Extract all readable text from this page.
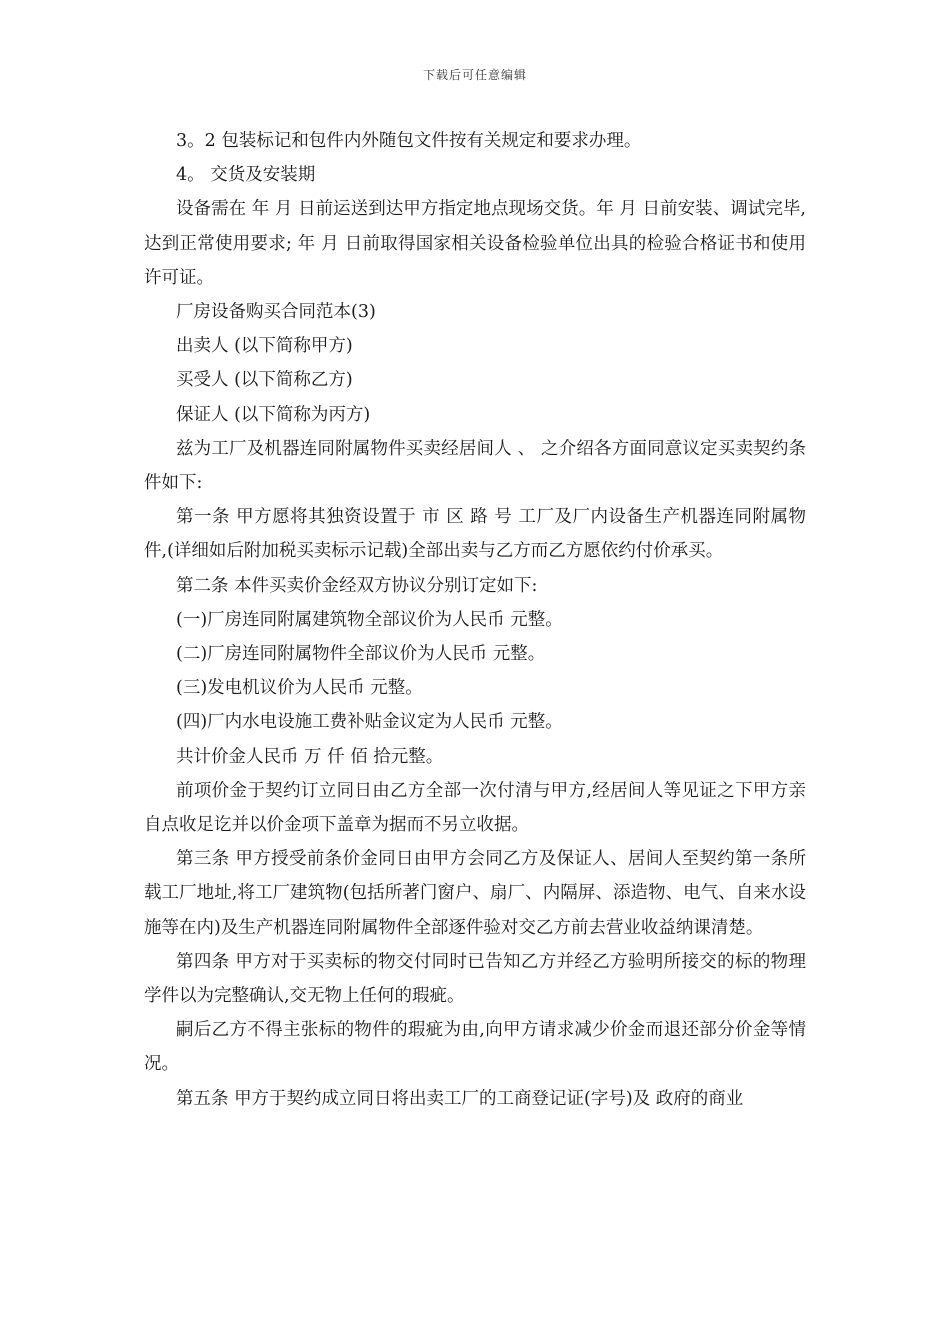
下载后可任意编辑

3。2 包装标记和包件内外随包文件按有关规定和要求办理。

4。 交货及安装期

设备需在 年 月 日前运送到达甲方指定地点现场交货。年 月 日前安装、调试完毕,达到正常使用要求; 年 月 日前取得国家相关设备检验单位出具的检验合格证书和使用许可证。

厂房设备购买合同范本(3)

出卖人 (以下简称甲方)

买受人 (以下简称乙方)

保证人 (以下简称为丙方)

兹为工厂及机器连同附属物件买卖经居间人 、 之介绍各方面同意议定买卖契约条件如下:

第一条 甲方愿将其独资设置于 市 区 路 号 工厂及厂内设备生产机器连同附属物件,(详细如后附加税买卖标示记载)全部出卖与乙方而乙方愿依约付价承买。

第二条 本件买卖价金经双方协议分别订定如下:

(一)厂房连同附属建筑物全部议价为人民币 元整。

(二)厂房连同附属物件全部议价为人民币 元整。

(三)发电机议价为人民币 元整。

(四)厂内水电设施工费补贴金议定为人民币 元整。

共计价金人民币 万 仟 佰 拾元整。

前项价金于契约订立同日由乙方全部一次付清与甲方,经居间人等见证之下甲方亲自点收足讫并以价金项下盖章为据而不另立收据。

第三条 甲方授受前条价金同日由甲方会同乙方及保证人、居间人至契约第一条所载工厂地址,将工厂建筑物(包括所著门窗户、扇厂、内隔屏、添造物、电气、自来水设施等在内)及生产机器连同附属物件全部逐件验对交乙方前去营业收益纳课清楚。

第四条 甲方对于买卖标的物交付同时已告知乙方并经乙方验明所接交的标的物理学件以为完整确认,交无物上任何的瑕疵。

嗣后乙方不得主张标的物件的瑕疵为由,向甲方请求减少价金而退还部分价金等情况。

第五条 甲方于契约成立同日将出卖工厂的工商登记证(字号)及 政府的商业
